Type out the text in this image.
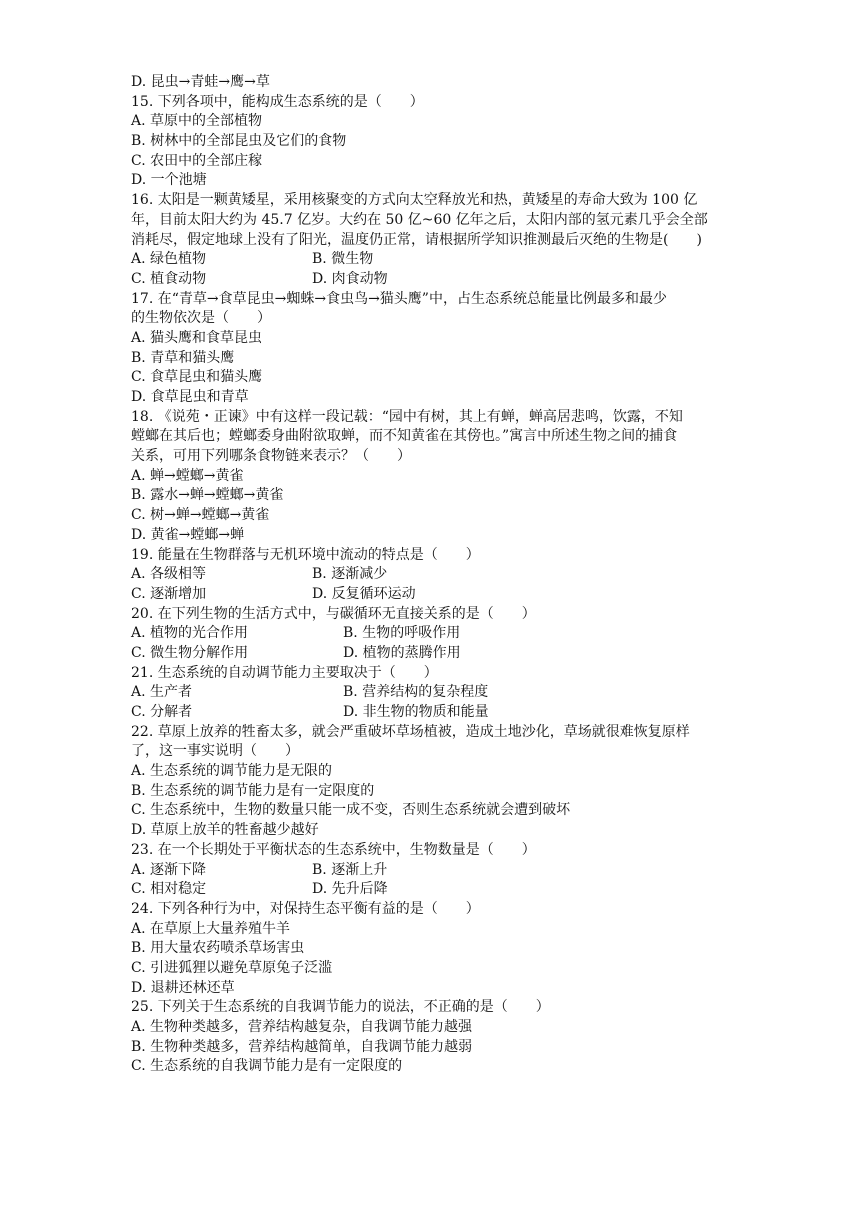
D. 昆虫→青蛙→鹰→草
15. 下列各项中，能构成生态系统的是（　　）
A. 草原中的全部植物
B. 树林中的全部昆虫及它们的食物
C. 农田中的全部庄稼
D. 一个池塘
16. 太阳是一颗黄矮星，采用核聚变的方式向太空释放光和热，黄矮星的寿命大致为 100 亿
年，目前太阳大约为 45.7 亿岁。大约在 50 亿~60 亿年之后，太阳内部的氢元素几乎会全部
消耗尽，假定地球上没有了阳光，温度仍正常，请根据所学知识推测最后灭绝的生物是(　　)
A. 绿色植物	B. 微生物
C. 植食动物	D. 肉食动物
17. 在“青草→食草昆虫→蜘蛛→食虫鸟→猫头鹰”中，占生态系统总能量比例最多和最少
的生物依次是（　　）
A. 猫头鹰和食草昆虫
B. 青草和猫头鹰
C. 食草昆虫和猫头鹰
D. 食草昆虫和青草
18. 《说苑・正谏》中有这样一段记载：“园中有树，其上有蝉，蝉高居悲鸣，饮露，不知
螳螂在其后也；螳螂委身曲附欲取蝉，而不知黄雀在其傍也。”寓言中所述生物之间的捕食
关系，可用下列哪条食物链来表示？（　　）
A. 蝉→螳螂→黄雀
B. 露水→蝉→螳螂→黄雀
C. 树→蝉→螳螂→黄雀
D. 黄雀→螳螂→蝉
19. 能量在生物群落与无机环境中流动的特点是（　　）
A. 各级相等	B. 逐渐减少
C. 逐渐增加	D. 反复循环运动
20. 在下列生物的生活方式中，与碳循环无直接关系的是（　　）
A. 植物的光合作用	B. 生物的呼吸作用
C. 微生物分解作用	D. 植物的蒸腾作用
21. 生态系统的自动调节能力主要取决于（　　）
A. 生产者	B. 营养结构的复杂程度
C. 分解者	D. 非生物的物质和能量
22. 草原上放养的牲畜太多，就会严重破坏草场植被，造成土地沙化，草场就很难恢复原样
了，这一事实说明（　　）
A. 生态系统的调节能力是无限的
B. 生态系统的调节能力是有一定限度的
C. 生态系统中，生物的数量只能一成不变，否则生态系统就会遭到破坏
D. 草原上放羊的牲畜越少越好
23. 在一个长期处于平衡状态的生态系统中，生物数量是（　　）
A. 逐渐下降	B. 逐渐上升
C. 相对稳定	D. 先升后降
24. 下列各种行为中，对保持生态平衡有益的是（　　）
A. 在草原上大量养殖牛羊
B. 用大量农药喷杀草场害虫
C. 引进狐狸以避免草原兔子泛滥
D. 退耕还林还草
25. 下列关于生态系统的自我调节能力的说法，不正确的是（　　）
A. 生物种类越多，营养结构越复杂，自我调节能力越强
B. 生物种类越多，营养结构越简单，自我调节能力越弱
C. 生态系统的自我调节能力是有一定限度的
